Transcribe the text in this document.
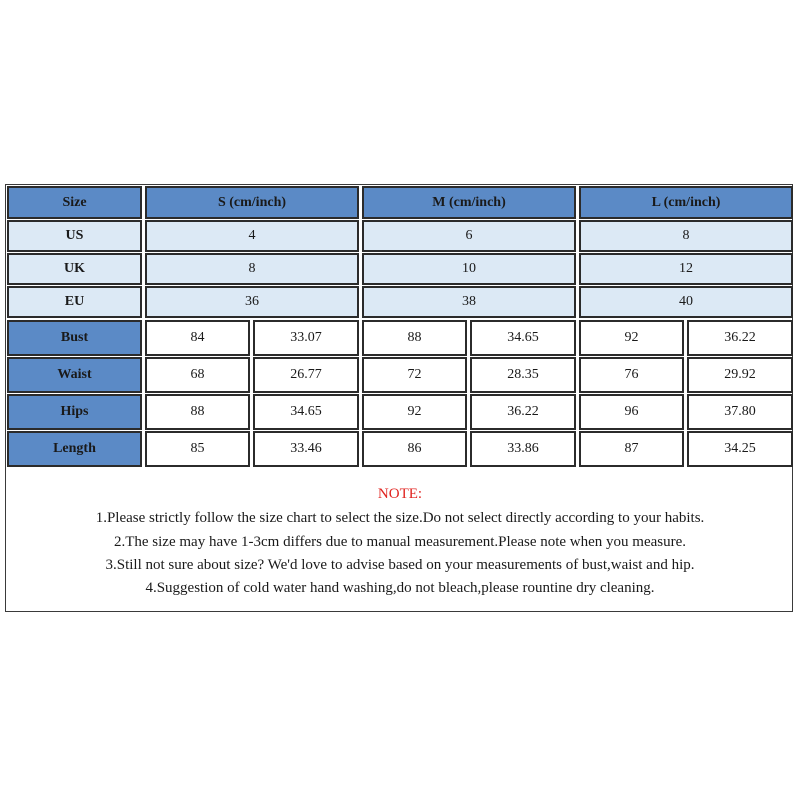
Size	S (cm/inch)	M (cm/inch)	L (cm/inch)
US	4	6	8
UK	8	10	12
EU	36	38	40
Bust	84	33.07	88	34.65	92	36.22
Waist	68	26.77	72	28.35	76	29.92
Hips	88	34.65	92	36.22	96	37.80
Length	85	33.46	86	33.86	87	34.25
NOTE:
1.Please strictly follow the size chart to select the size.Do not select directly according to your habits.
2.The size may have 1-3cm differs due to manual measurement.Please note when you measure.
3.Still not sure about size? We'd love to advise based on your measurements of bust,waist and hip.
4.Suggestion of cold water hand washing,do not bleach,please rountine dry cleaning.
